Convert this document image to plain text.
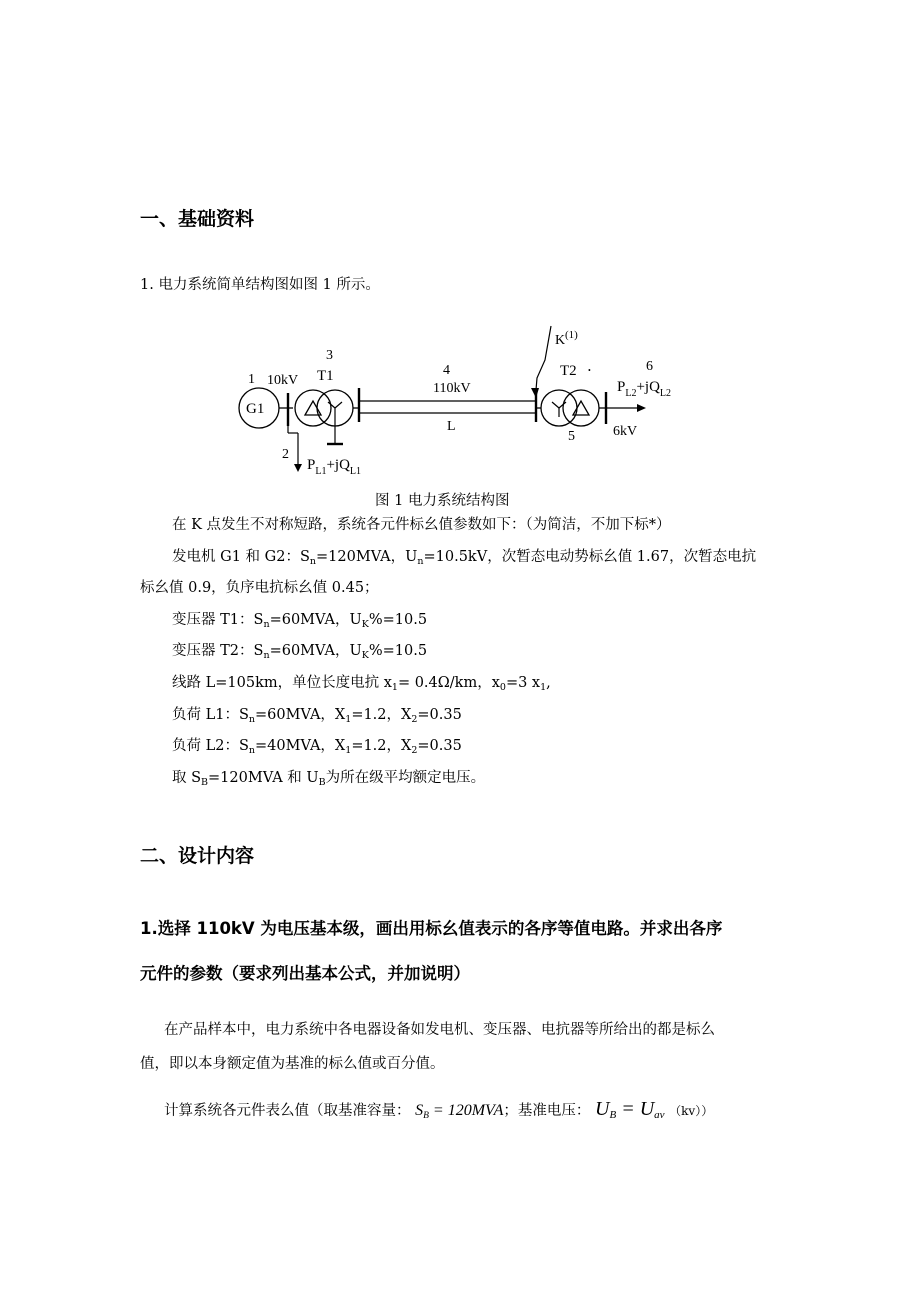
一、基础资料
1. 电力系统简单结构图如图 1 所示。
G1
1 10kV
3
T1
2
4
110kV
L
K (1)
T2 •
5
6
6kV
$P_{L2}+jQ_{L2}$
$P_{L1}+jQ_{L1}$
图 1 电力系统结构图
在 K 点发生不对称短路，系统各元件标幺值参数如下：（为简洁，不加下标*）
发电机 G1 和 G2：$S_n=120MVA$，$U_n=10.5kV$，次暂态电动势标幺值 1.67，次暂态电抗
标幺值 0.9，负序电抗标幺值 0.45；
变压器 T1：$S_n=60MVA$，$U_K\%=10.5$
变压器 T2：$S_n=60MVA$，$U_K\%=10.5$
线路 L=105km，单位长度电抗 $x_1= 0.4\Omega/km$，$x_0=3$ $x_1$,
负荷 L1：$S_n=60MVA$，$X_1=1.2$，$X_2=0.35$
负荷 L2：$S_n=40MVA$，$X_1=1.2$，$X_2=0.35$
取 $S_B=120MVA$ 和 $U_B$为所在级平均额定电压。
二、设计内容
1.选择 110kV 为电压基本级，画出用标幺值表示的各序等值电路。并求出各序
元件的参数（要求列出基本公式，并加说明）
在产品样本中，电力系统中各电器设备如发电机、变压器、电抗器等所给出的都是标么
值，即以本身额定值为基准的标么值或百分值。
计算系统各元件表么值（取基准容量： $S_B = 120MVA$；基准电压： $U_B = U_{av}$ （kv））
